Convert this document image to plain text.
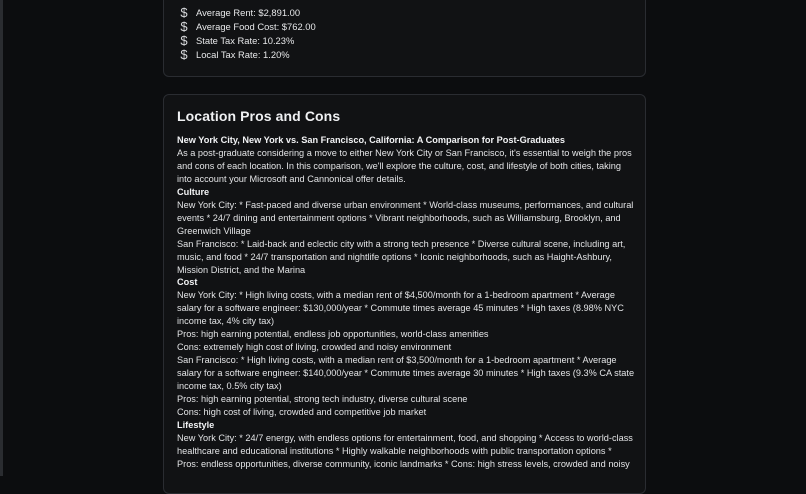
$ Average Rent: $2,891.00
$ Average Food Cost: $762.00
$ State Tax Rate: 10.23%
$ Local Tax Rate: 1.20%
Location Pros and Cons

New York City, New York vs. San Francisco, California: A Comparison for Post-Graduates

As a post-graduate considering a move to either New York City or San Francisco, it's essential to weigh the pros and cons of each location. In this comparison, we'll explore the culture, cost, and lifestyle of both cities, taking into account your Microsoft and Cannonical offer details.

Culture

New York City: * Fast-paced and diverse urban environment * World-class museums, performances, and cultural events * 24/7 dining and entertainment options * Vibrant neighborhoods, such as Williamsburg, Brooklyn, and Greenwich Village

San Francisco: * Laid-back and eclectic city with a strong tech presence * Diverse cultural scene, including art, music, and food * 24/7 transportation and nightlife options * Iconic neighborhoods, such as Haight-Ashbury, Mission District, and the Marina

Cost

New York City: * High living costs, with a median rent of $4,500/month for a 1-bedroom apartment * Average salary for a software engineer: $130,000/year * Commute times average 45 minutes * High taxes (8.98% NYC income tax, 4% city tax)

Pros: high earning potential, endless job opportunities, world-class amenities

Cons: extremely high cost of living, crowded and noisy environment

San Francisco: * High living costs, with a median rent of $3,500/month for a 1-bedroom apartment * Average salary for a software engineer: $140,000/year * Commute times average 30 minutes * High taxes (9.3% CA state income tax, 0.5% city tax)

Pros: high earning potential, strong tech industry, diverse cultural scene

Cons: high cost of living, crowded and competitive job market

Lifestyle

New York City: * 24/7 energy, with endless options for entertainment, food, and shopping * Access to world-class healthcare and educational institutions * Highly walkable neighborhoods with public transportation options * Pros: endless opportunities, diverse community, iconic landmarks * Cons: high stress levels, crowded and noisy
